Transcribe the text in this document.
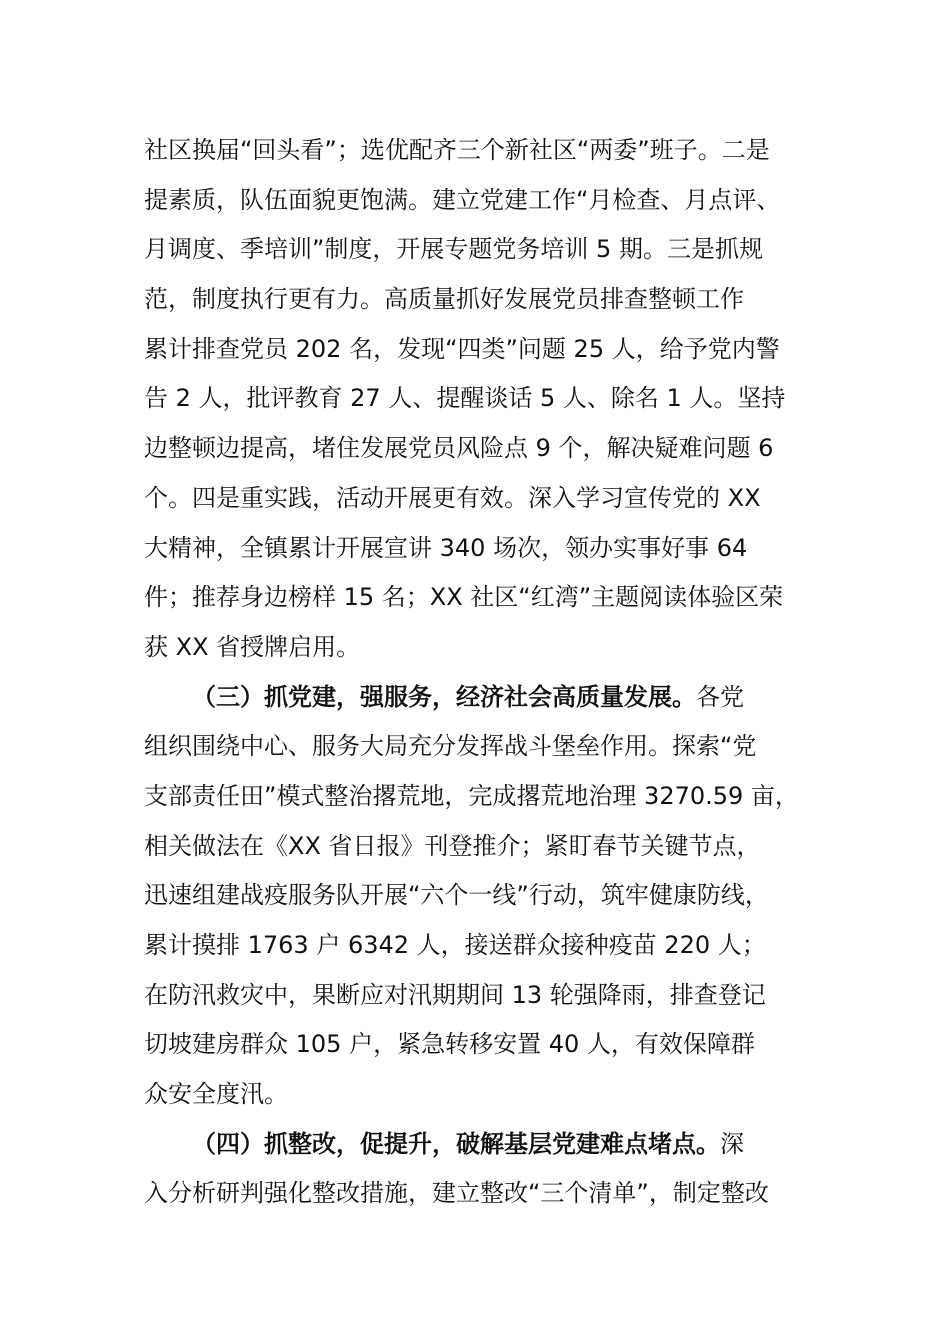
社区换届“回头看”；选优配齐三个新社区“两委”班子。二是
提素质，队伍面貌更饱满。建立党建工作“月检查、月点评、
月调度、季培训”制度，开展专题党务培训 5 期。三是抓规
范，制度执行更有力。高质量抓好发展党员排查整顿工作
累计排查党员 202 名，发现“四类”问题 25 人，给予党内警
告 2 人，批评教育 27 人、提醒谈话 5 人、除名 1 人。坚持
边整顿边提高，堵住发展党员风险点 9 个，解决疑难问题 6
个。四是重实践，活动开展更有效。深入学习宣传党的 XX
大精神，全镇累计开展宣讲 340 场次，领办实事好事 64
件；推荐身边榜样 15 名；XX 社区“红湾”主题阅读体验区荣
获 XX 省授牌启用。
（三）抓党建，强服务，经济社会高质量发展。各党
组织围绕中心、服务大局充分发挥战斗堡垒作用。探索“党
支部责任田”模式整治撂荒地，完成撂荒地治理 3270.59 亩，
相关做法在《XX 省日报》刊登推介；紧盯春节关键节点，
迅速组建战疫服务队开展“六个一线”行动，筑牢健康防线，
累计摸排 1763 户 6342 人，接送群众接种疫苗 220 人；
在防汛救灾中，果断应对汛期期间 13 轮强降雨，排查登记
切坡建房群众 105 户，紧急转移安置 40 人，有效保障群
众安全度汛。
（四）抓整改，促提升，破解基层党建难点堵点。深
入分析研判强化整改措施，建立整改“三个清单”，制定整改
